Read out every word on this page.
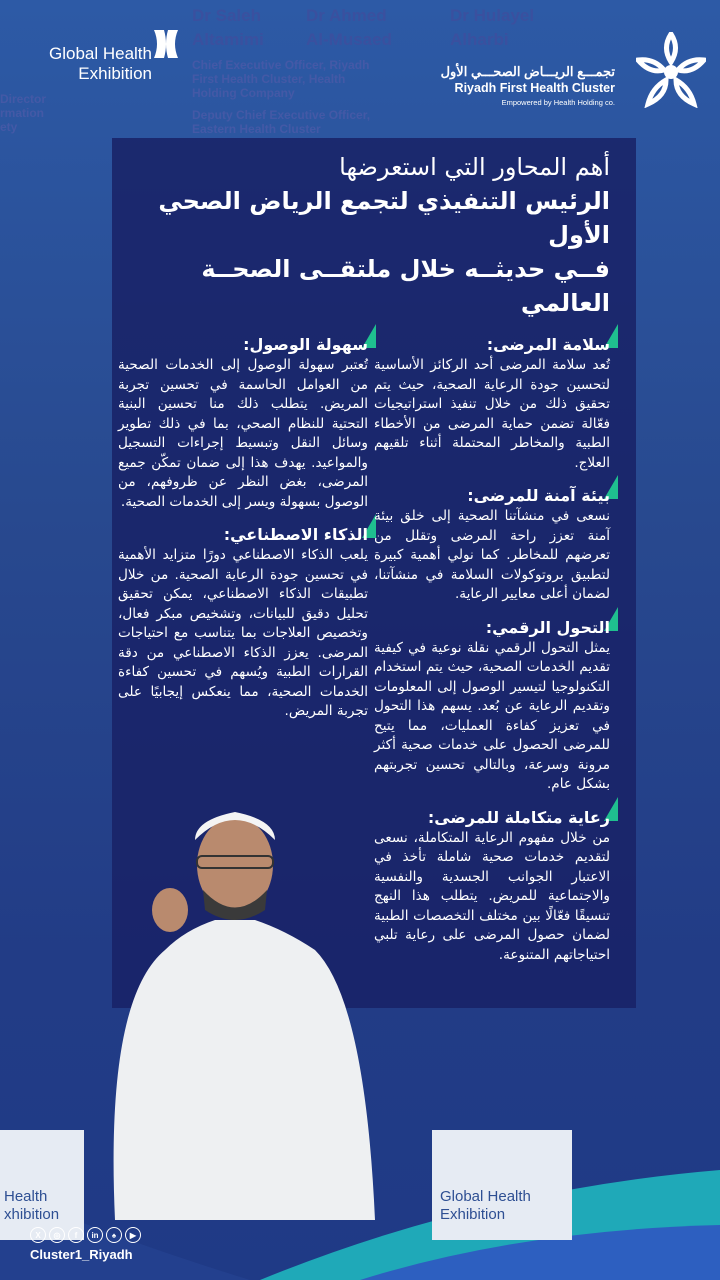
Dr Saleh
Altamimi
Chief Executive Officer, Riyadh
First Health Cluster, Health
Holding Company
Director
rmation
ety
Dr Ahmed
Al-Musaed
Deputy Chief Executive Officer,
Eastern Health Cluster
Dr Hulayel
Alharbi
Global Health
Exhibition	تجمـــع الريـــاض الصحـــي الأول
Riyadh First Health Cluster
Empowered by Health Holding co.
أهم المحاور التي استعرضها
الرئيس التنفيذي لتجمع الرياض الصحي الأول
فــي حديثــه خلال ملتقــى الصحــة العالمي
سلامة المرضى:

تُعد سلامة المرضى أحد الركائز الأساسية لتحسين جودة الرعاية الصحية، حيث يتم تحقيق ذلك من خلال تنفيذ استراتيجيات فعّالة تضمن حماية المرضى من الأخطاء الطبية والمخاطر المحتملة أثناء تلقيهم العلاج.

بيئة آمنة للمرضى:

نسعى في منشآتنا الصحية إلى خلق بيئة آمنة تعزز راحة المرضى وتقلل من تعرضهم للمخاطر. كما نولي أهمية كبيرة لتطبيق بروتوكولات السلامة في منشآتنا، لضمان أعلى معايير الرعاية.

التحول الرقمي:

يمثل التحول الرقمي نقلة نوعية في كيفية تقديم الخدمات الصحية، حيث يتم استخدام التكنولوجيا لتيسير الوصول إلى المعلومات وتقديم الرعاية عن بُعد. يسهم هذا التحول في تعزيز كفاءة العمليات، مما يتيح للمرضى الحصول على خدمات صحية أكثر مرونة وسرعة، وبالتالي تحسين تجربتهم بشكل عام.

رعاية متكاملة للمرضى:

من خلال مفهوم الرعاية المتكاملة، نسعى لتقديم خدمات صحية شاملة تأخذ في الاعتبار الجوانب الجسدية والنفسية والاجتماعية للمريض. يتطلب هذا النهج تنسيقًا فعّالًا بين مختلف التخصصات الطبية لضمان حصول المرضى على رعاية تلبي احتياجاتهم المتنوعة.

سهولة الوصول:

تُعتبر سهولة الوصول إلى الخدمات الصحية من العوامل الحاسمة في تحسين تجربة المريض. يتطلب ذلك منا تحسين البنية التحتية للنظام الصحي، بما في ذلك تطوير وسائل النقل وتبسيط إجراءات التسجيل والمواعيد. يهدف هذا إلى ضمان تمكّن جميع المرضى، بغض النظر عن ظروفهم، من الوصول بسهولة ويسر إلى الخدمات الصحية.

الذكاء الاصطناعي:

يلعب الذكاء الاصطناعي دورًا متزايد الأهمية في تحسين جودة الرعاية الصحية. من خلال تطبيقات الذكاء الاصطناعي، يمكن تحقيق تحليل دقيق للبيانات، وتشخيص مبكر فعال، وتخصيص العلاجات بما يتناسب مع احتياجات المرضى. يعزز الذكاء الاصطناعي من دقة القرارات الطبية ويُسهم في تحسين كفاءة الخدمات الصحية، مما ينعكس إيجابيًا على تجربة المريض.

Health
xhibition
Global Health
Exhibition
X	◎	f	in	♠	▶
Cluster1_Riyadh
